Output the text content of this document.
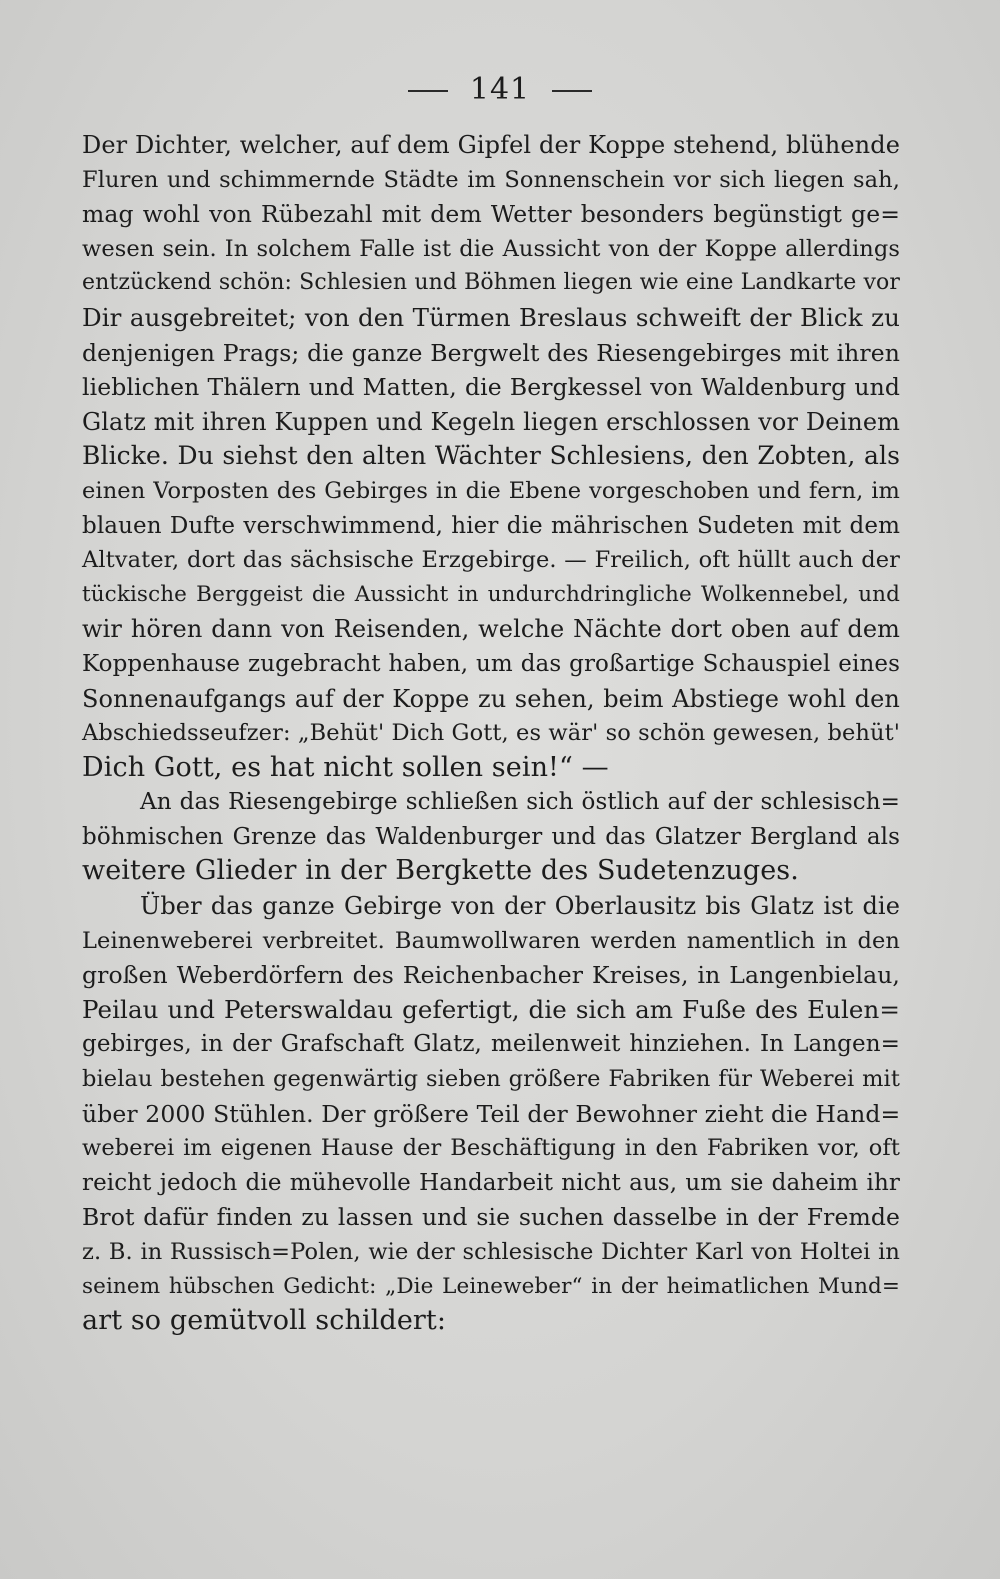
141
Der Dichter, welcher, auf dem Gipfel der Koppe stehend, blühende
Fluren und schimmernde Städte im Sonnenschein vor sich liegen sah,
mag wohl von Rübezahl mit dem Wetter besonders begünstigt ge=
wesen sein. In solchem Falle ist die Aussicht von der Koppe allerdings
entzückend schön: Schlesien und Böhmen liegen wie eine Landkarte vor
Dir ausgebreitet; von den Türmen Breslaus schweift der Blick zu
denjenigen Prags; die ganze Bergwelt des Riesengebirges mit ihren
lieblichen Thälern und Matten, die Bergkessel von Waldenburg und
Glatz mit ihren Kuppen und Kegeln liegen erschlossen vor Deinem
Blicke. Du siehst den alten Wächter Schlesiens, den Zobten, als
einen Vorposten des Gebirges in die Ebene vorgeschoben und fern, im
blauen Dufte verschwimmend, hier die mährischen Sudeten mit dem
Altvater, dort das sächsische Erzgebirge. — Freilich, oft hüllt auch der
tückische Berggeist die Aussicht in undurchdringliche Wolkennebel, und
wir hören dann von Reisenden, welche Nächte dort oben auf dem
Koppenhause zugebracht haben, um das großartige Schauspiel eines
Sonnenaufgangs auf der Koppe zu sehen, beim Abstiege wohl den
Abschiedsseufzer: „Behüt' Dich Gott, es wär' so schön gewesen, behüt'
Dich Gott, es hat nicht sollen sein!“ —
An das Riesengebirge schließen sich östlich auf der schlesisch=
böhmischen Grenze das Waldenburger und das Glatzer Bergland als
weitere Glieder in der Bergkette des Sudetenzuges.
Über das ganze Gebirge von der Oberlausitz bis Glatz ist die
Leinenweberei verbreitet. Baumwollwaren werden namentlich in den
großen Weberdörfern des Reichenbacher Kreises, in Langenbielau,
Peilau und Peterswaldau gefertigt, die sich am Fuße des Eulen=
gebirges, in der Grafschaft Glatz, meilenweit hinziehen. In Langen=
bielau bestehen gegenwärtig sieben größere Fabriken für Weberei mit
über 2000 Stühlen. Der größere Teil der Bewohner zieht die Hand=
weberei im eigenen Hause der Beschäftigung in den Fabriken vor, oft
reicht jedoch die mühevolle Handarbeit nicht aus, um sie daheim ihr
Brot dafür finden zu lassen und sie suchen dasselbe in der Fremde
z. B. in Russisch=Polen, wie der schlesische Dichter Karl von Holtei in
seinem hübschen Gedicht: „Die Leineweber“ in der heimatlichen Mund=
art so gemütvoll schildert:
